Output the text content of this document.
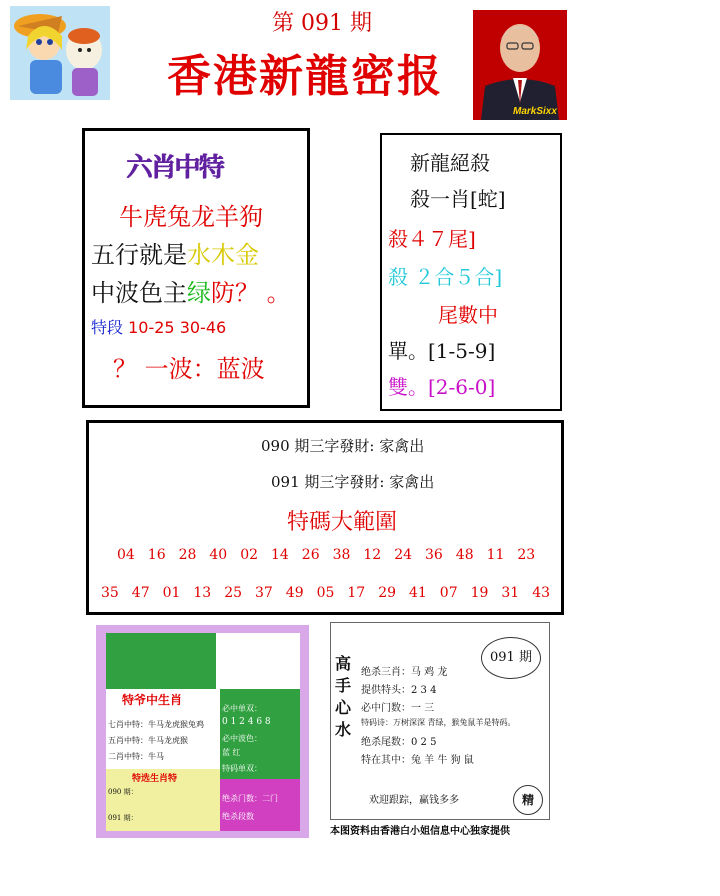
第 091 期
香港新龍密报
MarkSixx
六肖中特
牛虎兔龙羊狗
五行就是水木金
中波色主绿防？ 。
特段 10-25 30-46
？ 一波：蓝波
新龍絕殺
殺一肖[蛇]
殺４７尾]
殺 ２合５合]
尾數中
單。[1-5-9]
雙。[2-6-0]
090 期三字發財: 家禽出
091 期三字發財: 家禽出
特碼大範圍
04 16 28 40 02 14 26 38 12 24 36 48 11 23
35 47 01 13 25 37 49 05 17 29 41 07 19 31 43
特爷中生肖
七肖中特：牛马龙虎猴兔鸡
五肖中特：牛马龙虎猴
二肖中特：牛马
必中单双：
0 1 2 4 6 8
必中波色：
蓝 红
特码单双：
特选生肖特
090 期：
091 期：
绝杀门数：二门
绝杀段数
高手心水
091 期
绝杀三肖：马 鸡 龙
提供特头：2 3 4
必中门数：一 三
特码诗：万树深深 青绿，猴兔鼠羊是特码。
绝杀尾数：0 2 5
特在其中：兔 羊 牛 狗 鼠
欢迎跟踪，赢钱多多	精
本图资料由香港白小姐信息中心独家提供
